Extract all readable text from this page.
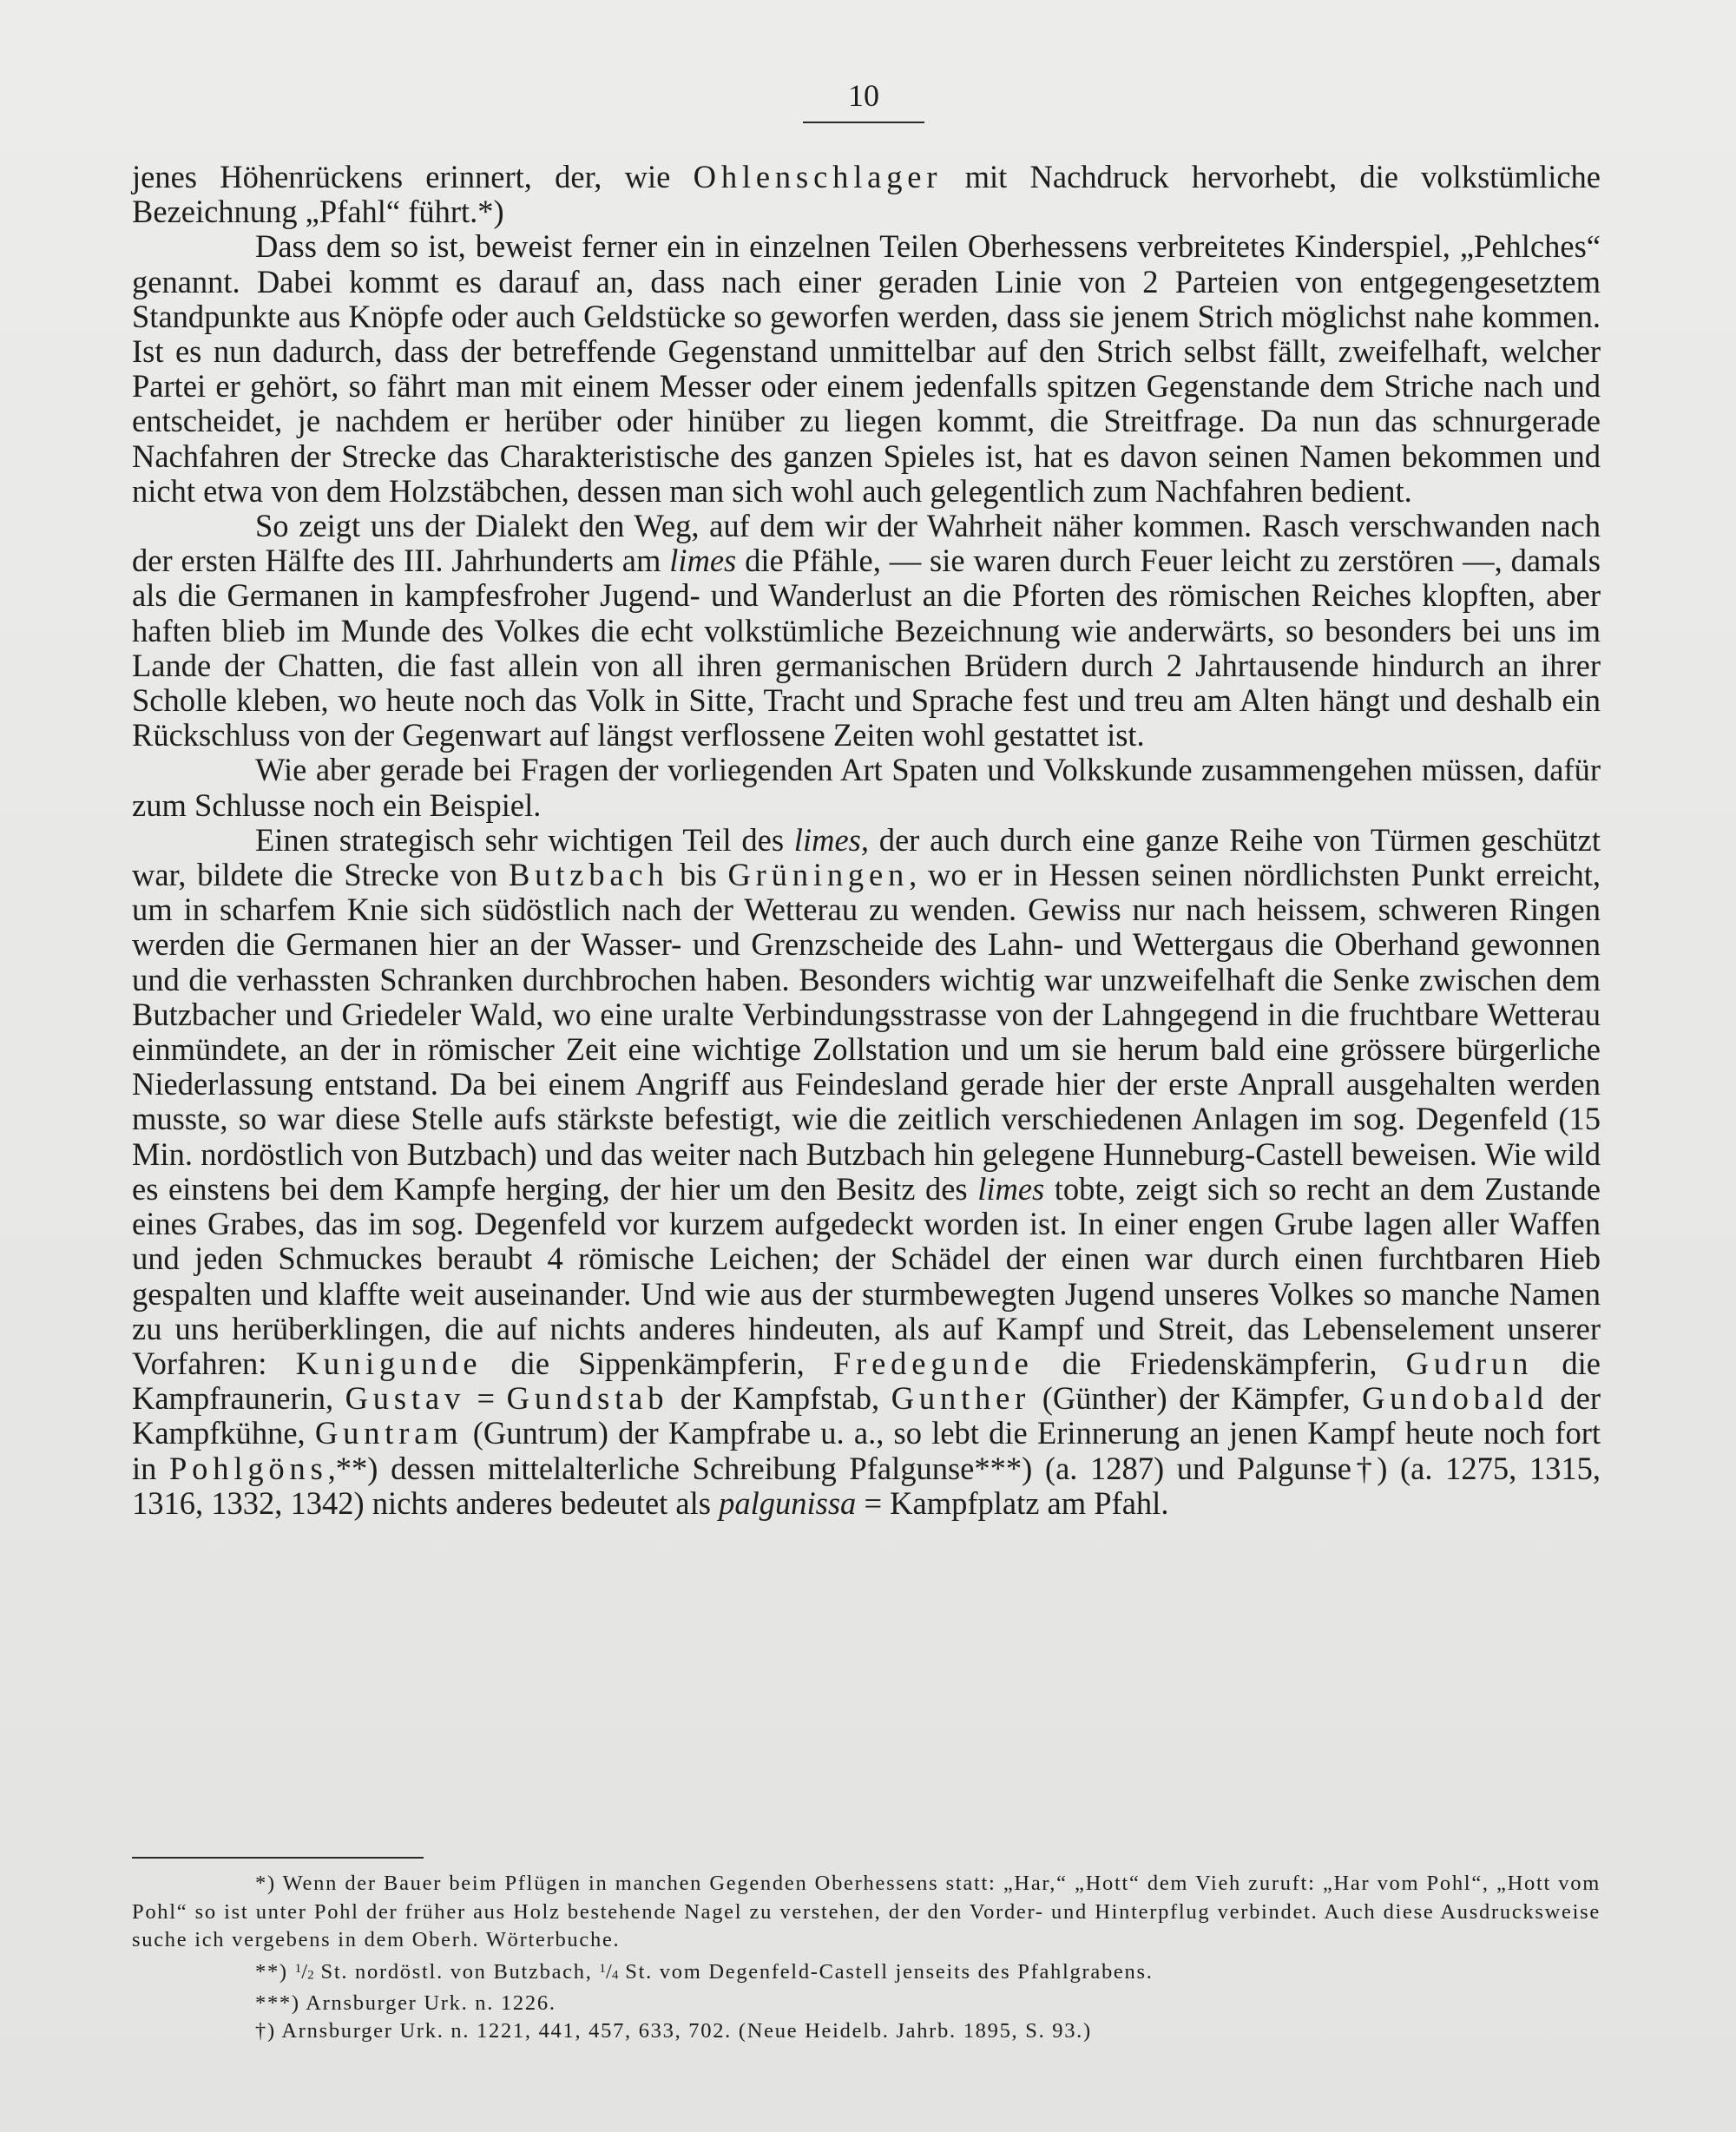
10

jenes Höhenrückens erinnert, der, wie Ohlenschlager mit Nachdruck hervorhebt, die volkstümliche Bezeichnung „Pfahl“ führt.*)

Dass dem so ist, beweist ferner ein in einzelnen Teilen Oberhessens verbreitetes Kinderspiel, „Pehlches“ genannt. Dabei kommt es darauf an, dass nach einer geraden Linie von 2 Parteien von entgegengesetztem Standpunkte aus Knöpfe oder auch Geldstücke so geworfen werden, dass sie jenem Strich möglichst nahe kommen. Ist es nun dadurch, dass der betreffende Gegenstand unmittelbar auf den Strich selbst fällt, zweifelhaft, welcher Partei er gehört, so fährt man mit einem Messer oder einem jedenfalls spitzen Gegenstande dem Striche nach und entscheidet, je nachdem er herüber oder hinüber zu liegen kommt, die Streitfrage. Da nun das schnurgerade Nachfahren der Strecke das Charakteristische des ganzen Spieles ist, hat es davon seinen Namen bekommen und nicht etwa von dem Holzstäbchen, dessen man sich wohl auch gelegentlich zum Nachfahren bedient.

So zeigt uns der Dialekt den Weg, auf dem wir der Wahrheit näher kommen. Rasch verschwanden nach der ersten Hälfte des III. Jahrhunderts am limes die Pfähle, — sie waren durch Feuer leicht zu zerstören —, damals als die Germanen in kampfesfroher Jugend- und Wanderlust an die Pforten des römischen Reiches klopften, aber haften blieb im Munde des Volkes die echt volkstümliche Bezeichnung wie anderwärts, so besonders bei uns im Lande der Chatten, die fast allein von all ihren germanischen Brüdern durch 2 Jahrtausende hindurch an ihrer Scholle kleben, wo heute noch das Volk in Sitte, Tracht und Sprache fest und treu am Alten hängt und deshalb ein Rückschluss von der Gegenwart auf längst verflossene Zeiten wohl gestattet ist.

Wie aber gerade bei Fragen der vorliegenden Art Spaten und Volkskunde zusammengehen müssen, dafür zum Schlusse noch ein Beispiel.

Einen strategisch sehr wichtigen Teil des limes, der auch durch eine ganze Reihe von Türmen geschützt war, bildete die Strecke von Butzbach bis Grüningen, wo er in Hessen seinen nördlichsten Punkt erreicht, um in scharfem Knie sich südöstlich nach der Wetterau zu wenden. Gewiss nur nach heissem, schweren Ringen werden die Germanen hier an der Wasser- und Grenzscheide des Lahn- und Wettergaus die Oberhand gewonnen und die verhassten Schranken durchbrochen haben. Besonders wichtig war unzweifelhaft die Senke zwischen dem Butzbacher und Griedeler Wald, wo eine uralte Verbindungsstrasse von der Lahngegend in die fruchtbare Wetterau einmündete, an der in römischer Zeit eine wichtige Zollstation und um sie herum bald eine grössere bürgerliche Niederlassung entstand. Da bei einem Angriff aus Feindesland gerade hier der erste Anprall ausgehalten werden musste, so war diese Stelle aufs stärkste befestigt, wie die zeitlich verschiedenen Anlagen im sog. Degenfeld (15 Min. nordöstlich von Butzbach) und das weiter nach Butzbach hin gelegene Hunneburg-Castell beweisen. Wie wild es einstens bei dem Kampfe herging, der hier um den Besitz des limes tobte, zeigt sich so recht an dem Zustande eines Grabes, das im sog. Degenfeld vor kurzem aufgedeckt worden ist. In einer engen Grube lagen aller Waffen und jeden Schmuckes beraubt 4 römische Leichen; der Schädel der einen war durch einen furchtbaren Hieb gespalten und klaffte weit auseinander. Und wie aus der sturmbewegten Jugend unseres Volkes so manche Namen zu uns herüberklingen, die auf nichts anderes hindeuten, als auf Kampf und Streit, das Lebenselement unserer Vorfahren: Kunigunde die Sippenkämpferin, Fredegunde die Friedenskämpferin, Gudrun die Kampfraunerin, Gustav = Gundstab der Kampfstab, Gunther (Günther) der Kämpfer, Gundobald der Kampfkühne, Guntram (Guntrum) der Kampfrabe u. a., so lebt die Erinnerung an jenen Kampf heute noch fort in Pohlgöns,**) dessen mittelalterliche Schreibung Pfalgunse***) (a. 1287) und Palgunse†) (a. 1275, 1315, 1316, 1332, 1342) nichts anderes bedeutet als palgunissa = Kampfplatz am Pfahl.

*) Wenn der Bauer beim Pflügen in manchen Gegenden Oberhessens statt: „Har,“ „Hott“ dem Vieh zuruft: „Har vom Pohl“, „Hott vom Pohl“ so ist unter Pohl der früher aus Holz bestehende Nagel zu verstehen, der den Vorder- und Hinterpflug verbindet. Auch diese Ausdrucksweise suche ich vergebens in dem Oberh. Wörterbuche.

**) $^1/_2$ St. nordöstl. von Butzbach, $^1/_4$ St. vom Degenfeld-Castell jenseits des Pfahlgrabens.

***) Arnsburger Urk. n. 1226.

†) Arnsburger Urk. n. 1221, 441, 457, 633, 702. (Neue Heidelb. Jahrb. 1895, S. 93.)
